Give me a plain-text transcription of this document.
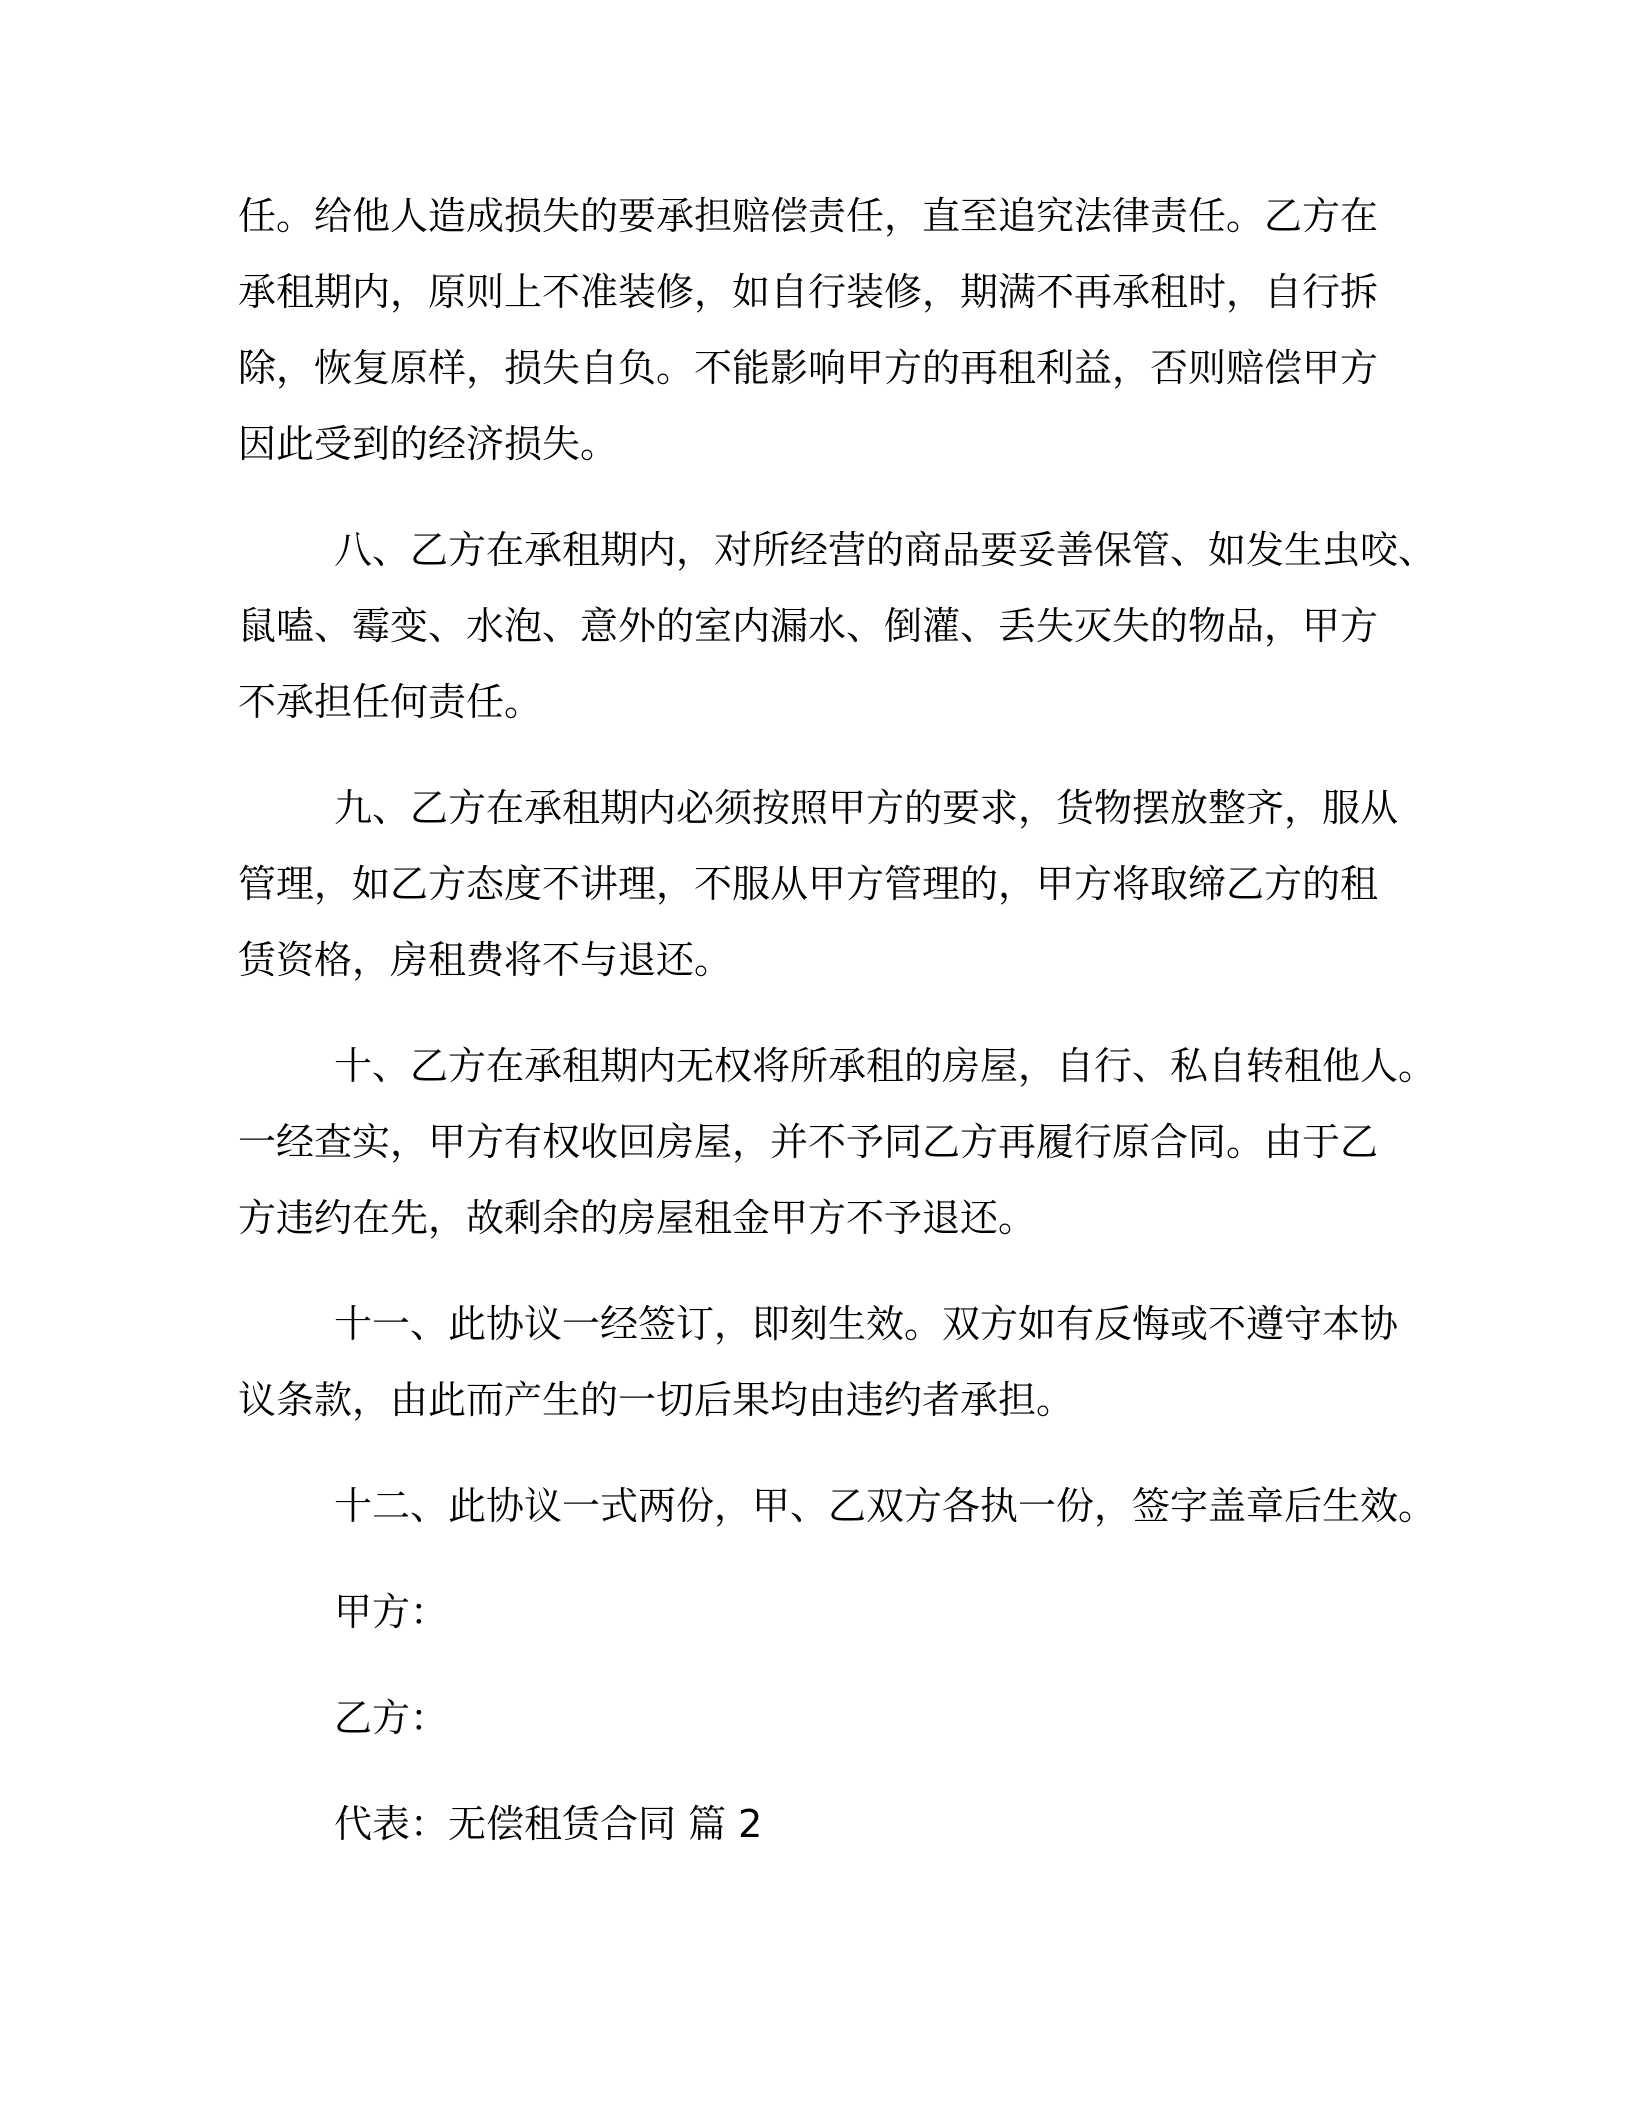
任。给他人造成损失的要承担赔偿责任，直至追究法律责任。乙方在
承租期内，原则上不准装修，如自行装修，期满不再承租时，自行拆
除，恢复原样，损失自负。不能影响甲方的再租利益，否则赔偿甲方
因此受到的经济损失。
八、乙方在承租期内，对所经营的商品要妥善保管、如发生虫咬、
鼠嗑、霉变、水泡、意外的室内漏水、倒灌、丢失灭失的物品，甲方
不承担任何责任。
九、乙方在承租期内必须按照甲方的要求，货物摆放整齐，服从
管理，如乙方态度不讲理，不服从甲方管理的，甲方将取缔乙方的租
赁资格，房租费将不与退还。
十、乙方在承租期内无权将所承租的房屋，自行、私自转租他人。
一经查实，甲方有权收回房屋，并不予同乙方再履行原合同。由于乙
方违约在先，故剩余的房屋租金甲方不予退还。
十一、此协议一经签订，即刻生效。双方如有反悔或不遵守本协
议条款，由此而产生的一切后果均由违约者承担。
十二、此协议一式两份，甲、乙双方各执一份，签字盖章后生效。
甲方：
乙方：
代表：无偿租赁合同 篇 2
